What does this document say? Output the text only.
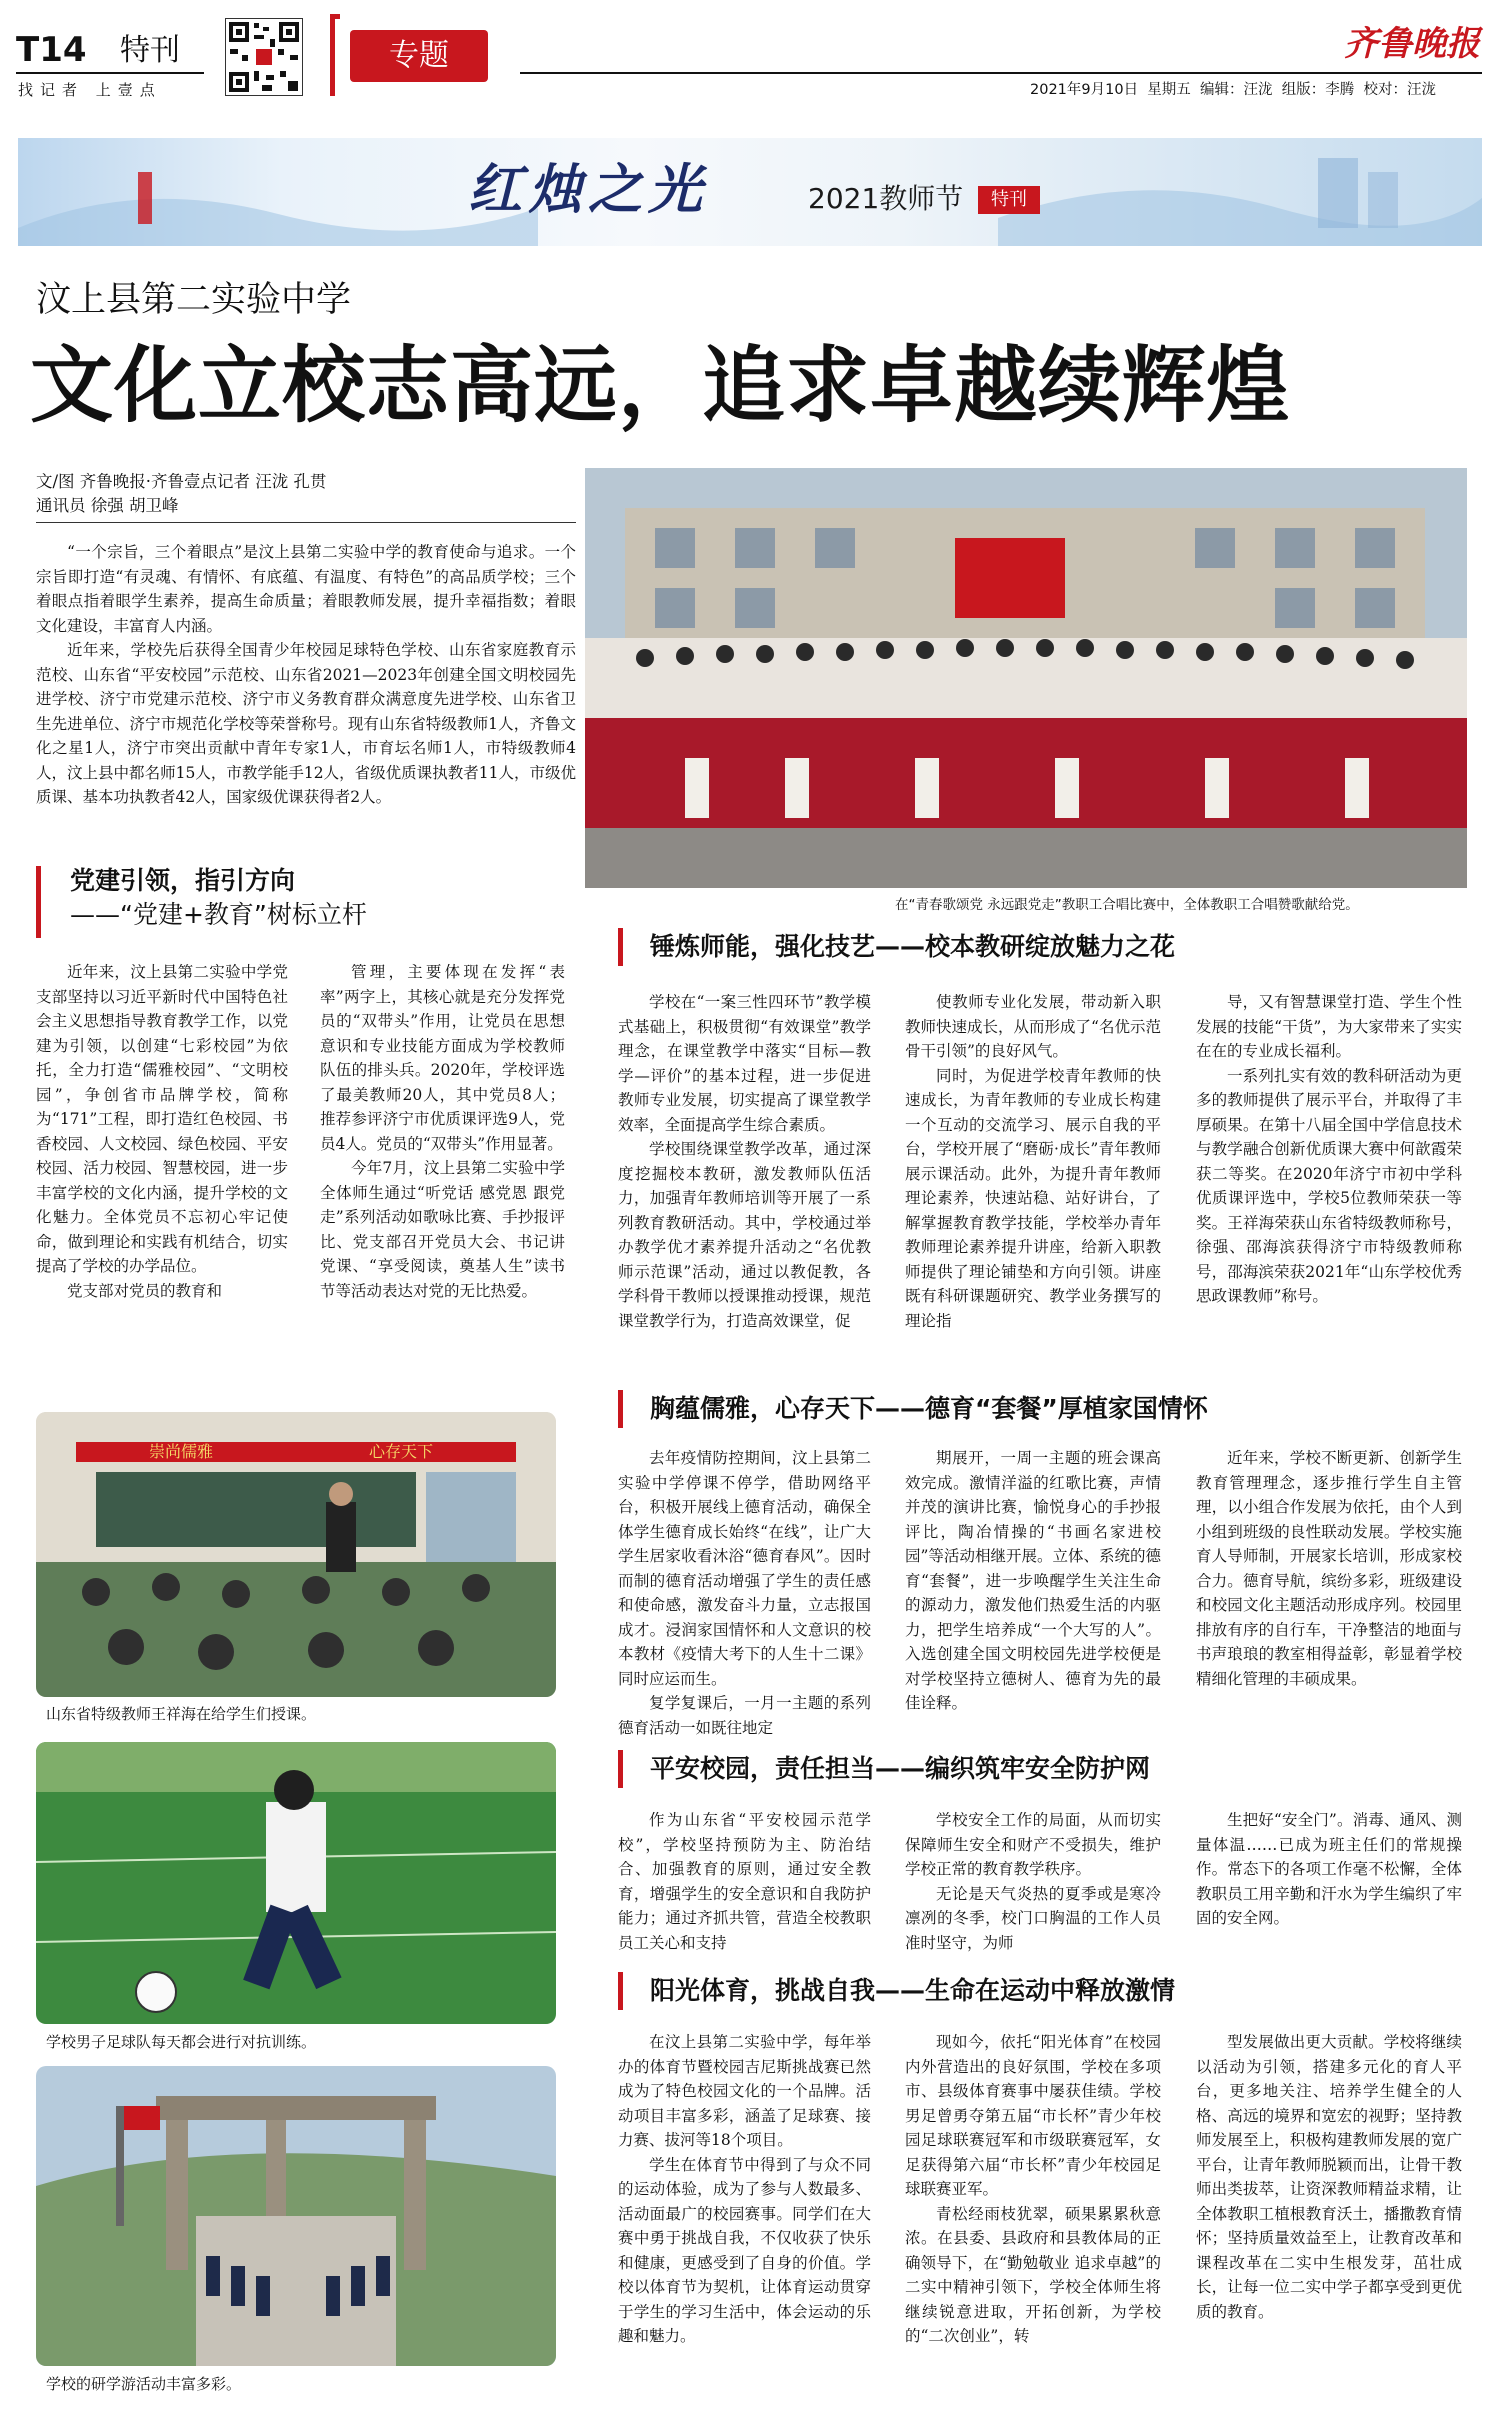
T14 特刊
找记者 上壹点
专题	齐鲁晚报
2021年9月10日 星期五 编辑：汪泷 组版：李腾 校对：汪泷
红烛之光	2021教师节	特刊
汶上县第二实验中学
文化立校志高远，追求卓越续辉煌
文/图 齐鲁晚报·齐鲁壹点记者 汪泷 孔贯
通讯员 徐强 胡卫峰

“一个宗旨，三个着眼点”是汶上县第二实验中学的教育使命与追求。一个宗旨即打造“有灵魂、有情怀、有底蕴、有温度、有特色”的高品质学校；三个着眼点指着眼学生素养，提高生命质量；着眼教师发展，提升幸福指数；着眼文化建设，丰富育人内涵。

近年来，学校先后获得全国青少年校园足球特色学校、山东省家庭教育示范校、山东省“平安校园”示范校、山东省2021—2023年创建全国文明校园先进学校、济宁市党建示范校、济宁市义务教育群众满意度先进学校、山东省卫生先进单位、济宁市规范化学校等荣誉称号。现有山东省特级教师1人，齐鲁文化之星1人，济宁市突出贡献中青年专家1人，市育坛名师1人，市特级教师4人，汶上县中都名师15人，市教学能手12人，省级优质课执教者11人，市级优质课、基本功执教者42人，国家级优课获得者2人。

在“青春歌颂党 永远跟党走”教职工合唱比赛中，全体教职工合唱赞歌献给党。
党建引领，指引方向
——“党建+教育”树标立杆

近年来，汶上县第二实验中学党支部坚持以习近平新时代中国特色社会主义思想指导教育教学工作，以党建为引领，以创建“七彩校园”为依托，全力打造“儒雅校园”、“文明校园”，争创省市品牌学校，简称为“171”工程，即打造红色校园、书香校园、人文校园、绿色校园、平安校园、活力校园、智慧校园，进一步丰富学校的文化内涵，提升学校的文化魅力。全体党员不忘初心牢记使命，做到理论和实践有机结合，切实提高了学校的办学品位。

党支部对党员的教育和

管理，主要体现在发挥“表率”两字上，其核心就是充分发挥党员的“双带头”作用，让党员在思想意识和专业技能方面成为学校教师队伍的排头兵。2020年，学校评选了最美教师20人，其中党员8人；推荐参评济宁市优质课评选9人，党员4人。党员的“双带头”作用显著。

今年7月，汶上县第二实验中学全体师生通过“听党话 感党恩 跟党走”系列活动如歌咏比赛、手抄报评比、党支部召开党员大会、书记讲党课、“享受阅读，奠基人生”读书节等活动表达对党的无比热爱。

崇尚儒雅	心存天下
山东省特级教师王祥海在给学生们授课。
学校男子足球队每天都会进行对抗训练。
学校的研学游活动丰富多彩。
锤炼师能，强化技艺——校本教研绽放魅力之花

学校在“一案三性四环节”教学模式基础上，积极贯彻“有效课堂”教学理念，在课堂教学中落实“目标—教学—评价”的基本过程，进一步促进教师专业发展，切实提高了课堂教学效率，全面提高学生综合素质。

学校围绕课堂教学改革，通过深度挖掘校本教研，激发教师队伍活力，加强青年教师培训等开展了一系列教育教研活动。其中，学校通过举办教学优才素养提升活动之“名优教师示范课”活动，通过以教促教，各学科骨干教师以授课推动授课，规范课堂教学行为，打造高效课堂，促

使教师专业化发展，带动新入职教师快速成长，从而形成了“名优示范 骨干引领”的良好风气。

同时，为促进学校青年教师的快速成长，为青年教师的专业成长构建一个互动的交流学习、展示自我的平台，学校开展了“磨砺·成长”青年教师展示课活动。此外，为提升青年教师理论素养，快速站稳、站好讲台，了解掌握教育教学技能，学校举办青年教师理论素养提升讲座，给新入职教师提供了理论铺垫和方向引领。讲座既有科研课题研究、教学业务撰写的理论指

导，又有智慧课堂打造、学生个性发展的技能“干货”，为大家带来了实实在在的专业成长福利。

一系列扎实有效的教科研活动为更多的教师提供了展示平台，并取得了丰厚硕果。在第十八届全国中学信息技术与教学融合创新优质课大赛中何歆霞荣获二等奖。在2020年济宁市初中学科优质课评选中，学校5位教师荣获一等奖。王祥海荣获山东省特级教师称号，徐强、邵海滨获得济宁市特级教师称号，邵海滨荣获2021年“山东学校优秀思政课教师”称号。

胸蕴儒雅，心存天下——德育“套餐”厚植家国情怀

去年疫情防控期间，汶上县第二实验中学停课不停学，借助网络平台，积极开展线上德育活动，确保全体学生德育成长始终“在线”，让广大学生居家收看沐浴“德育春风”。因时而制的德育活动增强了学生的责任感和使命感，激发奋斗力量，立志报国成才。浸润家国情怀和人文意识的校本教材《疫情大考下的人生十二课》同时应运而生。

复学复课后，一月一主题的系列德育活动一如既往地定

期展开，一周一主题的班会课高效完成。激情洋溢的红歌比赛，声情并茂的演讲比赛，愉悦身心的手抄报评比，陶冶情操的“书画名家进校园”等活动相继开展。立体、系统的德育“套餐”，进一步唤醒学生关注生命的源动力，激发他们热爱生活的内驱力，把学生培养成“一个大写的人”。入选创建全国文明校园先进学校便是对学校坚持立德树人、德育为先的最佳诠释。

近年来，学校不断更新、创新学生教育管理理念，逐步推行学生自主管理，以小组合作发展为依托，由个人到小组到班级的良性联动发展。学校实施育人导师制，开展家长培训，形成家校合力。德育导航，缤纷多彩，班级建设和校园文化主题活动形成序列。校园里排放有序的自行车，干净整洁的地面与书声琅琅的教室相得益彰，彰显着学校精细化管理的丰硕成果。

平安校园，责任担当——编织筑牢安全防护网

作为山东省“平安校园示范学校”，学校坚持预防为主、防治结合、加强教育的原则，通过安全教育，增强学生的安全意识和自我防护能力；通过齐抓共管，营造全校教职员工关心和支持

学校安全工作的局面，从而切实保障师生安全和财产不受损失，维护学校正常的教育教学秩序。

无论是天气炎热的夏季或是寒冷凛冽的冬季，校门口胸温的工作人员准时坚守，为师

生把好“安全门”。消毒、通风、测量体温……已成为班主任们的常规操作。常态下的各项工作毫不松懈，全体教职员工用辛勤和汗水为学生编织了牢固的安全网。

阳光体育，挑战自我——生命在运动中释放激情

在汶上县第二实验中学，每年举办的体育节暨校园吉尼斯挑战赛已然成为了特色校园文化的一个品牌。活动项目丰富多彩，涵盖了足球赛、接力赛、拔河等18个项目。

学生在体育节中得到了与众不同的运动体验，成为了参与人数最多、活动面最广的校园赛事。同学们在大赛中勇于挑战自我，不仅收获了快乐和健康，更感受到了自身的价值。学校以体育节为契机，让体育运动贯穿于学生的学习生活中，体会运动的乐趣和魅力。

现如今，依托“阳光体育”在校园内外营造出的良好氛围，学校在多项市、县级体育赛事中屡获佳绩。学校男足曾勇夺第五届“市长杯”青少年校园足球联赛冠军和市级联赛冠军，女足获得第六届“市长杯”青少年校园足球联赛亚军。

青松经雨枝犹翠，硕果累累秋意浓。在县委、县政府和县教体局的正确领导下，在“勤勉敬业 追求卓越”的二实中精神引领下，学校全体师生将继续锐意进取，开拓创新，为学校的“二次创业”，转

型发展做出更大贡献。学校将继续以活动为引领，搭建多元化的育人平台，更多地关注、培养学生健全的人格、高远的境界和宽宏的视野；坚持教师发展至上，积极构建教师发展的宽广平台，让青年教师脱颖而出，让骨干教师出类拔萃，让资深教师精益求精，让全体教职工植根教育沃土，播撒教育情怀；坚持质量效益至上，让教育改革和课程改革在二实中生根发芽，茁壮成长，让每一位二实中学子都享受到更优质的教育。
